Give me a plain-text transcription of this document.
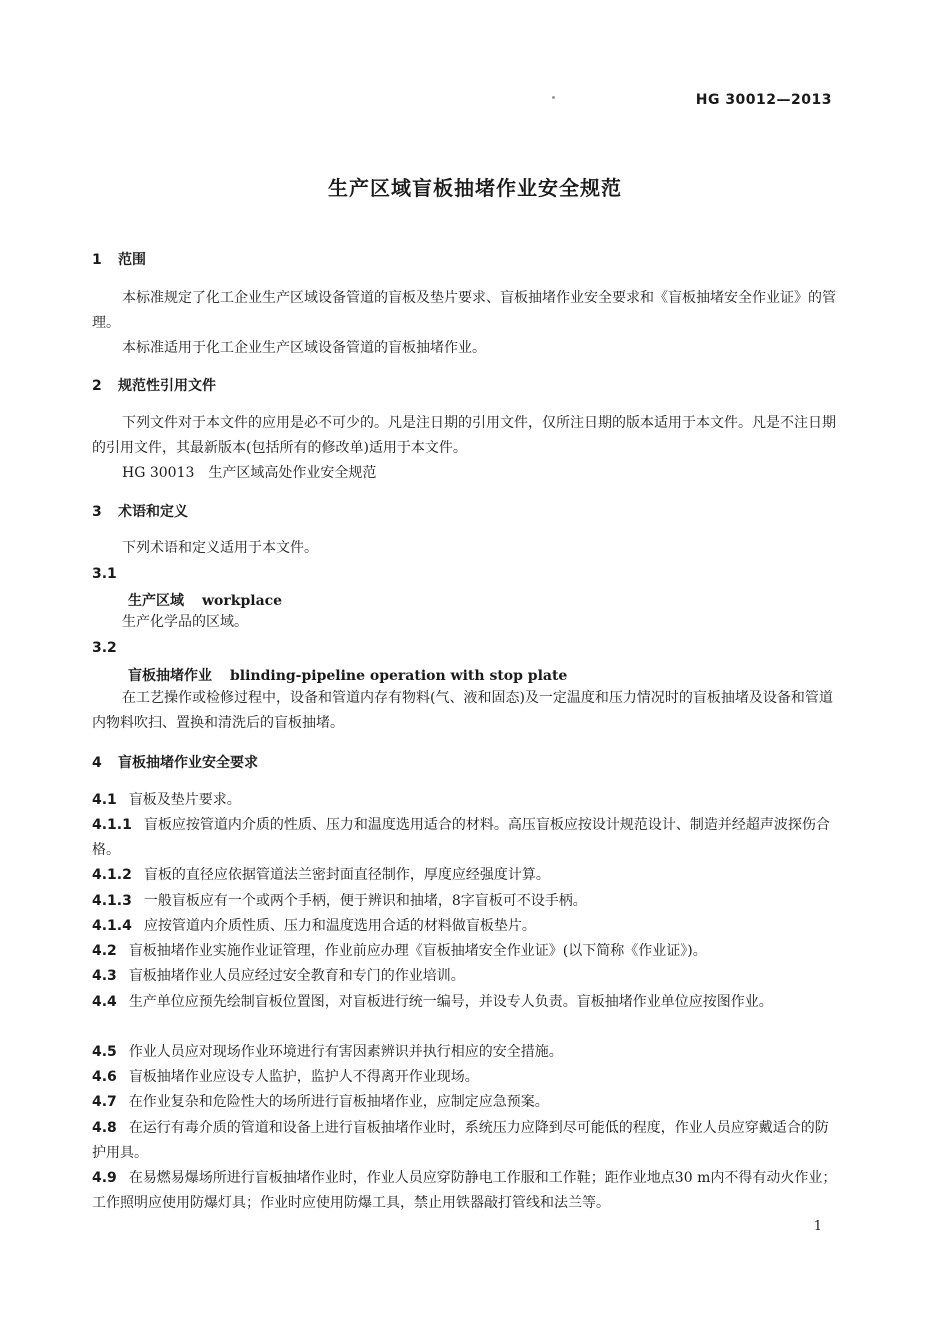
HG 30012—2013
生产区域盲板抽堵作业安全规范
1 范围
本标准规定了化工企业生产区域设备管道的盲板及垫片要求、盲板抽堵作业安全要求和《盲板抽堵安全作业证》的管理。
本标准适用于化工企业生产区域设备管道的盲板抽堵作业。
2 规范性引用文件
下列文件对于本文件的应用是必不可少的。凡是注日期的引用文件，仅所注日期的版本适用于本文件。凡是不注日期的引用文件，其最新版本(包括所有的修改单)适用于本文件。
HG 30013　生产区域高处作业安全规范
3 术语和定义
下列术语和定义适用于本文件。
3.1
生产区域 workplace
生产化学品的区域。
3.2
盲板抽堵作业 blinding-pipeline operation with stop plate
在工艺操作或检修过程中，设备和管道内存有物料(气、液和固态)及一定温度和压力情况时的盲板抽堵及设备和管道内物料吹扫、置换和清洗后的盲板抽堵。
4 盲板抽堵作业安全要求
4.1 盲板及垫片要求。
4.1.1 盲板应按管道内介质的性质、压力和温度选用适合的材料。高压盲板应按设计规范设计、制造并经超声波探伤合格。
4.1.2 盲板的直径应依据管道法兰密封面直径制作，厚度应经强度计算。
4.1.3 一般盲板应有一个或两个手柄，便于辨识和抽堵，8字盲板可不设手柄。
4.1.4 应按管道内介质性质、压力和温度选用合适的材料做盲板垫片。
4.2 盲板抽堵作业实施作业证管理，作业前应办理《盲板抽堵安全作业证》(以下简称《作业证》)。
4.3 盲板抽堵作业人员应经过安全教育和专门的作业培训。
4.4 生产单位应预先绘制盲板位置图，对盲板进行统一编号，并设专人负责。盲板抽堵作业单位应按图作业。
4.5 作业人员应对现场作业环境进行有害因素辨识并执行相应的安全措施。
4.6 盲板抽堵作业应设专人监护，监护人不得离开作业现场。
4.7 在作业复杂和危险性大的场所进行盲板抽堵作业，应制定应急预案。
4.8 在运行有毒介质的管道和设备上进行盲板抽堵作业时，系统压力应降到尽可能低的程度，作业人员应穿戴适合的防护用具。
4.9 在易燃易爆场所进行盲板抽堵作业时，作业人员应穿防静电工作服和工作鞋；距作业地点30 m内不得有动火作业；工作照明应使用防爆灯具；作业时应使用防爆工具，禁止用铁器敲打管线和法兰等。
1
